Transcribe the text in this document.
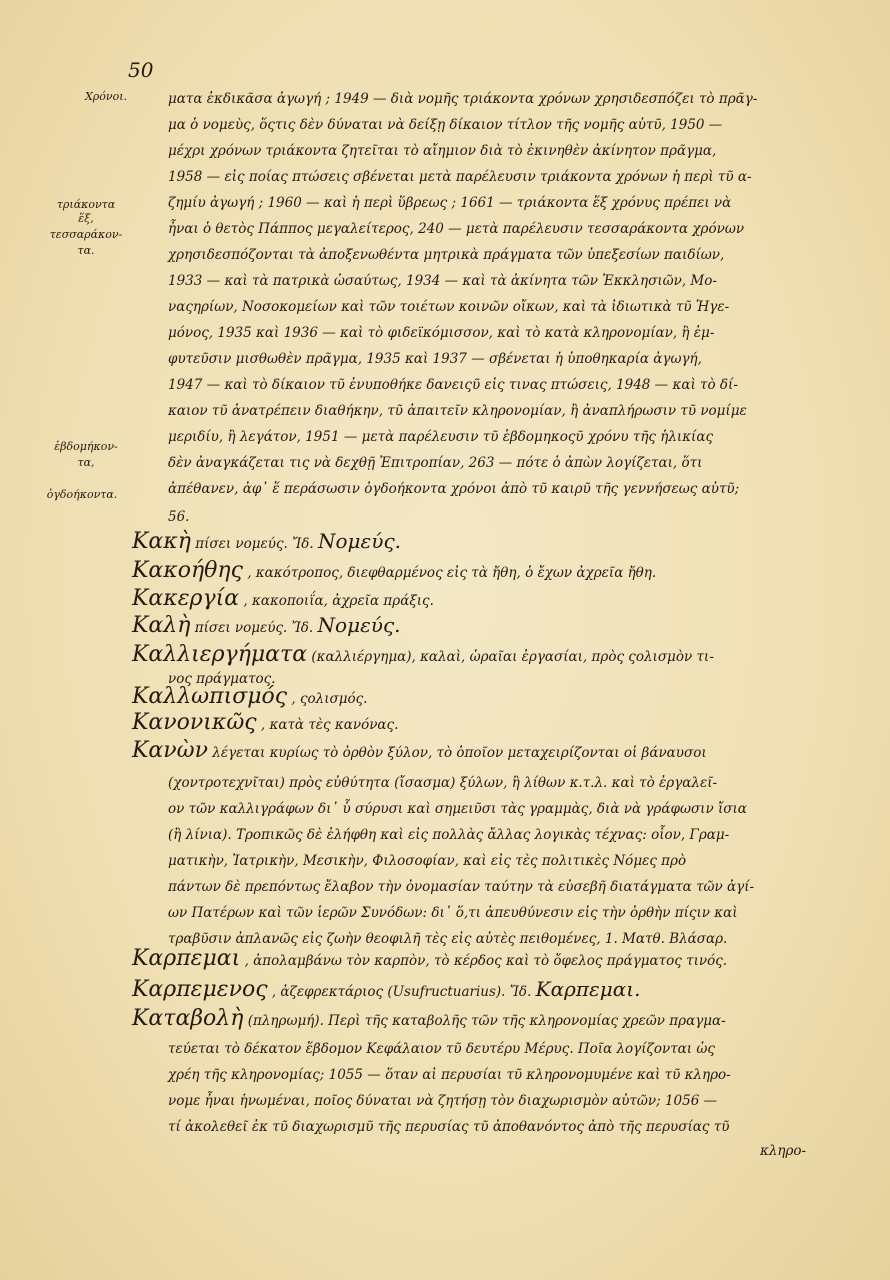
50
Χρόνοι.
τριάκοντα
ἕξ,
τεσσαράκον-
τα.
ἑβδομήκον-
τα,
ὀγδοήκοντα.
ματα ἐκδικᾶσα ἀγωγή ; 1949 — διὰ νομῆς τριάκοντα χρόνων χρησιδεσπόζει τὸ πρᾶγ-
μα ὁ νομεὺς, ὅςτις δὲν δύναται νὰ δείξῃ δίκαιον τίτλον τῆς νομῆς αὐτῦ, 1950 —
μέχρι χρόνων τριάκοντα ζητεῖται τὸ αἴημιον διὰ τὸ ἐκινηθὲν ἀκίνητον πρᾶγμα,
1958 — εἰς ποίας πτώσεις σβένεται μετὰ παρέλευσιν τριάκοντα χρόνων ἡ περὶ τῦ α-
ζημίυ ἀγωγή ; 1960 — καὶ ἡ περὶ ὕβρεως ; 1661 — τριάκοντα ἕξ χρόνυς πρέπει νὰ
ἦναι ὁ θετὸς Πάππος μεγαλείτερος, 240 — μετὰ παρέλευσιν τεσσαράκοντα χρόνων
χρησιδεσπόζονται τὰ ἀποξενωθέντα μητρικὰ πράγματα τῶν ὑπεξεσίων παιδίων,
1933 — καὶ τὰ πατρικὰ ὡσαύτως, 1934 — καὶ τὰ ἀκίνητα τῶν Ἐκκλησιῶν, Μο-
ναςηρίων, Νοσοκομείων καὶ τῶν τοιέτων κοινῶν οἴκων, καὶ τὰ ἰδιωτικὰ τῦ Ἡγε-
μόνος, 1935 καὶ 1936 — καὶ τὸ φιδεϊκόμισσον, καὶ τὸ κατὰ κληρονομίαν, ἢ ἐμ-
φυτεῦσιν μισθωθὲν πρᾶγμα, 1935 καὶ 1937 — σβένεται ἡ ὑποθηκαρία ἀγωγή,
1947 — καὶ τὸ δίκαιον τῦ ἐνυποθήκε δανειςῦ εἰς τινας πτώσεις, 1948 — καὶ τὸ δί-
καιον τῦ ἀνατρέπειν διαθήκην, τῦ ἀπαιτεῖν κληρονομίαν, ἢ ἀναπλήρωσιν τῦ νομίμε
μεριδίυ, ἢ λεγάτον, 1951 — μετὰ παρέλευσιν τῦ ἑβδομηκοςῦ χρόνυ τῆς ἡλικίας
δὲν ἀναγκάζεται τις νὰ δεχθῇ Ἐπιτροπίαν, 263 — πότε ὁ ἀπὼν λογίζεται, ὅτι
ἀπέθανεν, ἀφ᾽ ἕ περάσωσιν ὀγδοήκοντα χρόνοι ἀπὸ τῦ καιρῦ τῆς γεννήσεως αὐτῦ;
56.
Κακὴ πίσει νομεύς. Ἴδ. Νομεύς.
Κακοήθης , κακότροπος, διεφθαρμένος εἰς τὰ ἤθη, ὁ ἔχων ἀχρεῖα ἤθη.
Κακεργία , κακοποιΐα, ἀχρεῖα πράξις.
Καλὴ πίσει νομεύς. Ἴδ. Νομεύς.
Καλλιεργήματα (καλλιέργημα), καλαὶ, ὡραῖαι ἐργασίαι, πρὸς ςολισμὸν τι-
νος πράγματος.
Καλλωπισμός , ςολισμός.
Κανονικῶς , κατὰ τὲς κανόνας.
Κανὼν λέγεται κυρίως τὸ ὀρθὸν ξύλον, τὸ ὁποῖον μεταχειρίζονται οἱ βάναυσοι
(χοντροτεχνῖται) πρὸς εὐθύτητα (ἴσασμα) ξύλων, ἢ λίθων κ.τ.λ. καὶ τὸ ἐργαλεῖ-
ον τῶν καλλιγράφων δι᾽ ὗ σύρυσι καὶ σημειῦσι τὰς γραμμὰς, διὰ νὰ γράφωσιν ἴσια
(ἢ λίνια). Τροπικῶς δὲ ἐλήφθη καὶ εἰς πολλὰς ἄλλας λογικὰς τέχνας: οἷον, Γραμ-
ματικὴν, Ἰατρικὴν, Μεσικὴν, Φιλοσοφίαν, καὶ εἰς τὲς πολιτικὲς Νόμες πρὸ
πάντων δὲ πρεπόντως ἔλαβον τὴν ὀνομασίαν ταύτην τὰ εὐσεβῆ διατάγματα τῶν ἁγί-
ων Πατέρων καὶ τῶν ἱερῶν Συνόδων: δι᾽ ὅ,τι ἀπευθύνεσιν εἰς τὴν ὀρθὴν πίςιν καὶ
τραβῦσιν ἀπλανῶς εἰς ζωὴν θεοφιλῆ τὲς εἰς αὐτὲς πειθομένες, 1. Ματθ. Βλάσαρ.
Καρπεμαι , ἀπολαμβάνω τὸν καρπὸν, τὸ κέρδος καὶ τὸ ὄφελος πράγματος τινός.
Καρπεμενος , ἀζεφρεκτάριος (Usufructuarius). Ἴδ. Καρπεμαι.
Καταβολὴ (πληρωμή). Περὶ τῆς καταβολῆς τῶν τῆς κληρονομίας χρεῶν πραγμα-
τεύεται τὸ δέκατον ἕβδομον Κεφάλαιον τῦ δευτέρυ Μέρυς. Ποῖα λογίζονται ὡς
χρέη τῆς κληρονομίας; 1055 — ὅταν αἱ περυσίαι τῦ κληρονομυμένε καὶ τῦ κληρο-
νομε ἦναι ἡνωμέναι, ποῖος δύναται νὰ ζητήσῃ τὸν διαχωρισμὸν αὐτῶν; 1056 —
τί ἀκολεθεῖ ἐκ τῦ διαχωρισμῦ τῆς περυσίας τῦ ἀποθανόντος ἀπὸ τῆς περυσίας τῦ
κληρο-
